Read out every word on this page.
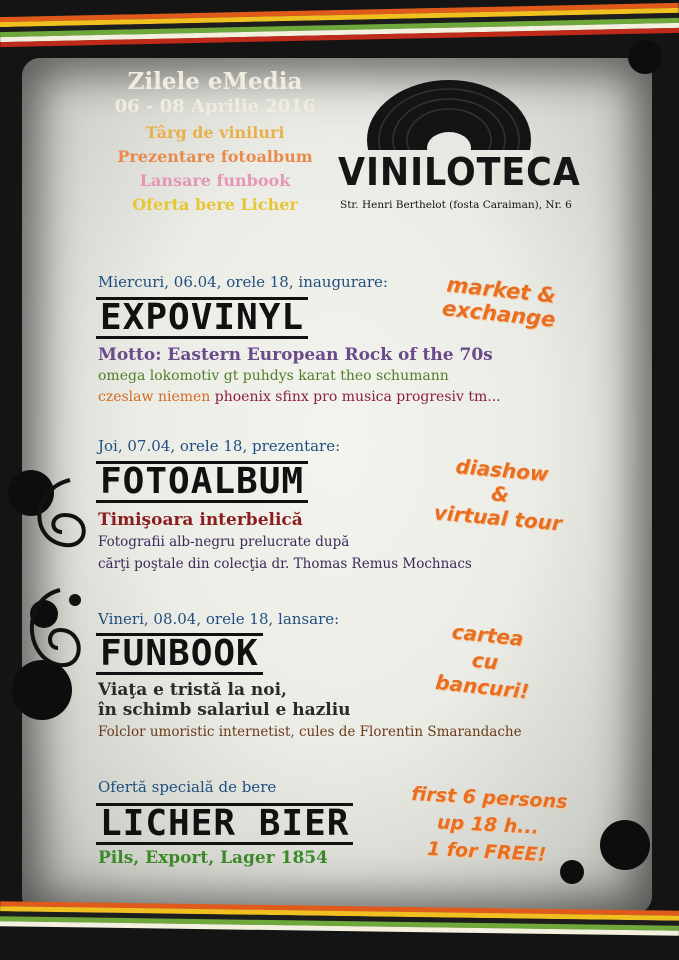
Zilele eMedia
06 - 08 Aprilie 2016
Târg de viniluri
Prezentare fotoalbum
Lansare funbook
Oferta bere Licher
VINILOTECA
Str. Henri Berthelot (fosta Caraiman), Nr. 6
Miercuri, 06.04, orele 18, inaugurare:
EXPOVINYL
Motto: Eastern European Rock of the 70s
omega lokomotiv gt puhdys karat theo schumann
czeslaw niemen phoenix sfinx pro musica progresiv tm...
market & exchange
Joi, 07.04, orele 18, prezentare:
FOTOALBUM
Timişoara interbelică
Fotografii alb-negru prelucrate după
cărţi poştale din colecţia dr. Thomas Remus Mochnacs
diashow
&
virtual tour
Vineri, 08.04, orele 18, lansare:
FUNBOOK
Viaţa e tristă la noi,
în schimb salariul e hazliu
Folclor umoristic internetist, cules de Florentin Smarandache
cartea
cu
bancuri!
Ofertă specială de bere
LICHER BIER
Pils, Export, Lager 1854
first 6 persons
up 18 h...
1 for FREE!
